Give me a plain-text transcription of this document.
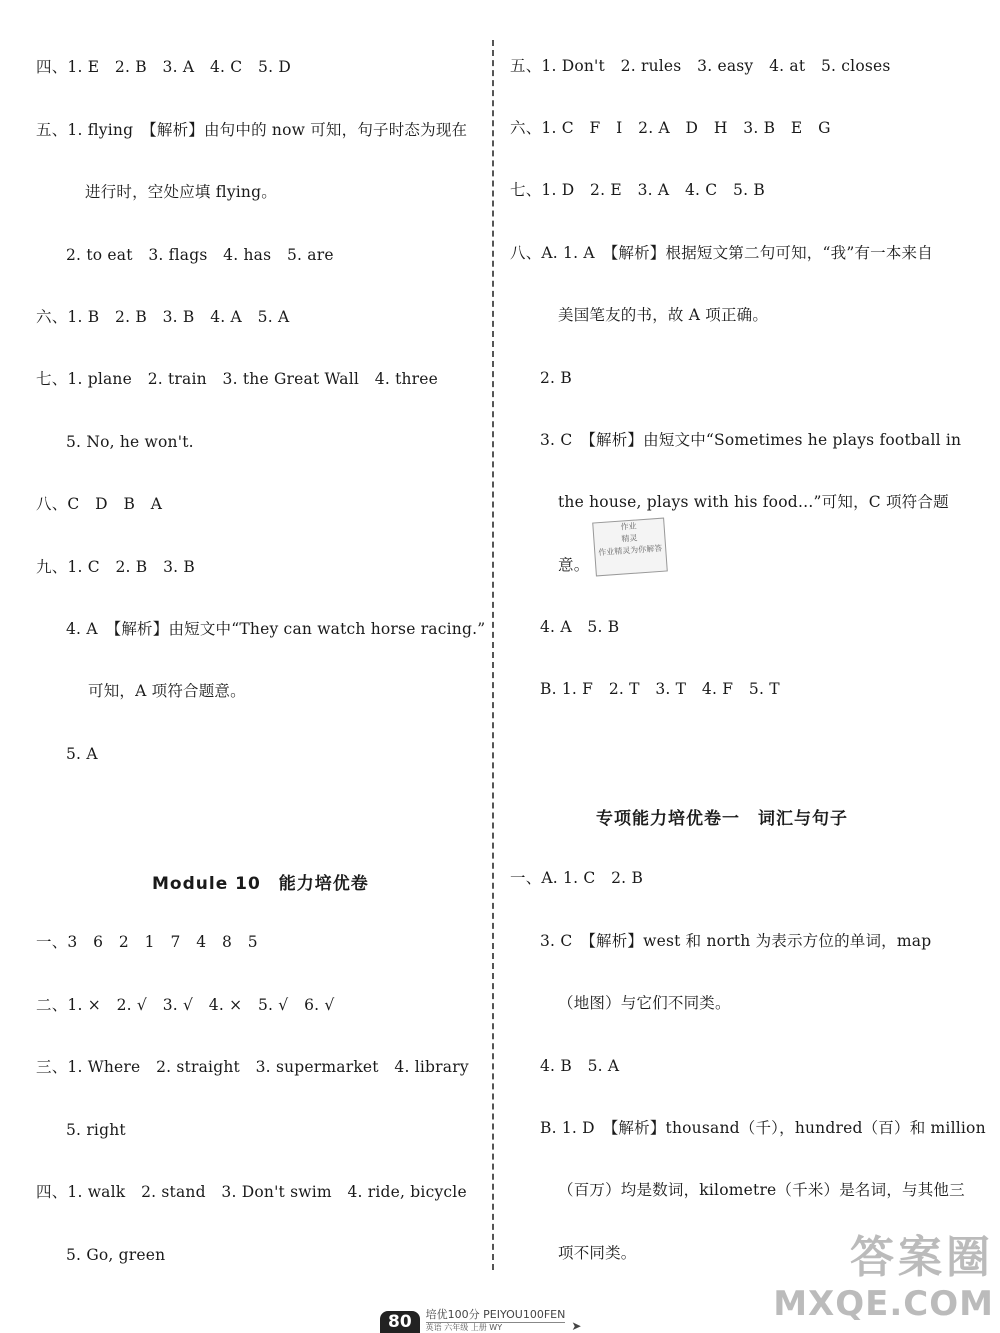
四、1. E　2. B　3. A　4. C　5. D
五、1. flying　【解析】由句中的 now 可知，句子时态为现在
进行时，空处应填 flying。
2. to eat　3. flags　4. has　5. are
六、1. B　2. B　3. B　4. A　5. A
七、1. plane　2. train　3. the Great Wall　4. three
5. No, he won't.
八、C　D　B　A
九、1. C　2. B　3. B
4. A　【解析】由短文中“They can watch horse racing.”
可知，A 项符合题意。
5. A
Module 10　能力培优卷
一、3　6　2　1　7　4　8　5
二、1. ×　2. √　3. √　4. ×　5. √　6. √
三、1. Where　2. straight　3. supermarket　4. library
5. right
四、1. walk　2. stand　3. Don't swim　4. ride, bicycle
5. Go, green
五、1. Don't　2. rules　3. easy　4. at　5. closes
六、1. C　F　I　2. A　D　H　3. B　E　G
七、1. D　2. E　3. A　4. C　5. B
八、A. 1. A　【解析】根据短文第二句可知，“我”有一本来自
美国笔友的书，故 A 项正确。
2. B
3. C　【解析】由短文中“Sometimes he plays football in
the house, plays with his food…”可知，C 项符合题
意。
4. A　5. B
B. 1. F　2. T　3. T　4. F　5. T
作业
精灵
作业精灵为你解答
专项能力培优卷一　词汇与句子
一、A. 1. C　2. B
3. C　【解析】west 和 north 为表示方位的单词，map
（地图）与它们不同类。
4. B　5. A
B. 1. D　【解析】thousand（千），hundred（百）和 million
（百万）均是数词，kilometre（千米）是名词，与其他三
项不同类。
80	培优100分 PEIYOU100FEN
英语 六年级 上册 WY	➤
答案圈
MXQE.COM
